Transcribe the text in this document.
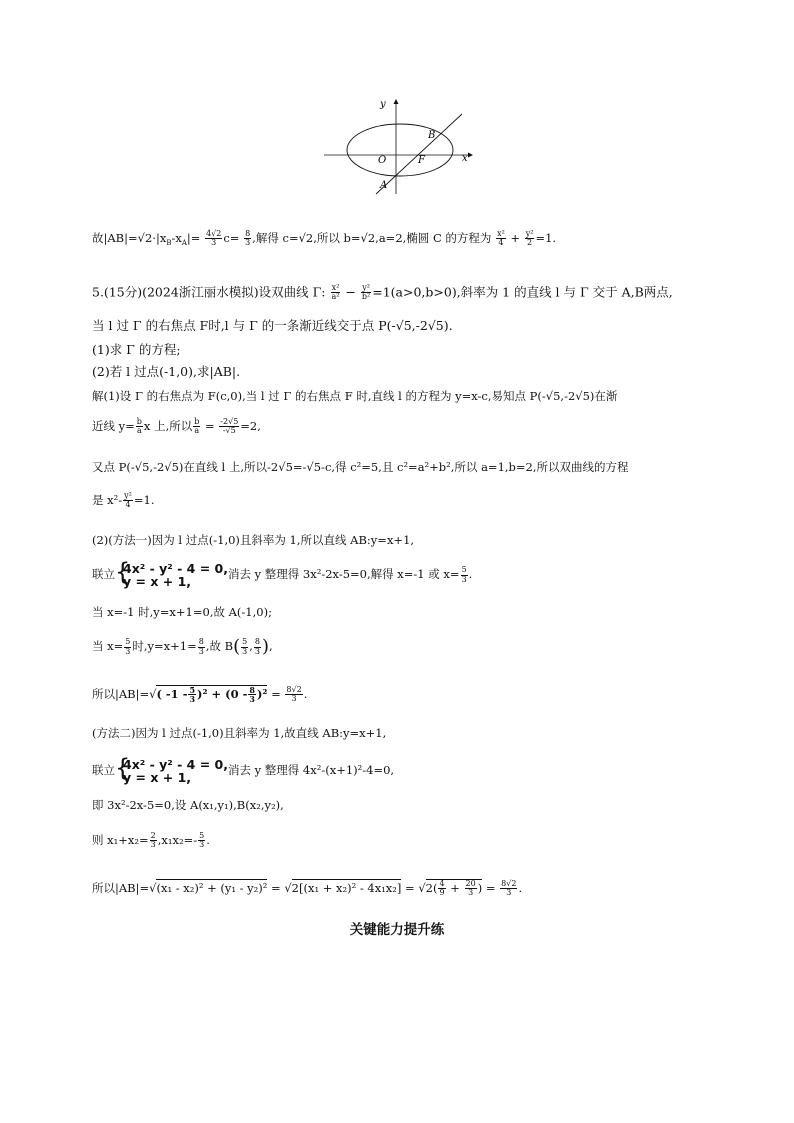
y
x
O	F
A
B
故$|AB|=√2\cdot|x_B-x_A|= \frac{4√2}{3} c= \frac{8}{3}$ ,解得 c=√2,所以 b=√2,a=2,椭圆 C 的方程为 $\frac{\text{x²}}{4} + \frac{\text{y²}}{2} =1$.
5.(15分)(2024浙江丽水模拟)设双曲线 Γ: $\frac{\text{x²}}{\text{a²}} - \frac{\text{y²}}{\text{b²}} =1(a>0,b>0)$,斜率为 1 的直线 l 与 Γ 交于 A,B两点,
当 l 过 Γ 的右焦点 F时,l 与 Γ 的一条渐近线交于点 P(-√5,-2√5).
(1)求 Γ 的方程;
(2)若 l 过点(-1,0),求|AB|.
解(1)设 Γ 的右焦点为 F(c,0),当 l 过 Γ 的右焦点 F 时,直线 l 的方程为 y=x-c,易知点 P(-√5,-2√5)在渐
近线 $y= \frac{b}{a}$ x 上,所以 $\frac{b}{a} = \frac{-2√5}{-√5} =2$,
又点 P(-√5,-2√5)在直线 l 上,所以-2√5=-√5-c,得 c²=5,且 c²=a²+b²,所以 a=1,b=2,所以双曲线的方程
是 $x^2- \frac{\text{y²}}{4} =1$.
(2)(方法一)因为 l 过点(-1,0)且斜率为 1,所以直线 AB:y=x+1,
联立 {
4x² - y² - 4 = 0,
y = x + 1,	消去 y 整理得 3x²-2x-5=0,解得 x=-1 或 $x= \frac{5}{3}$ .
当 x=-1 时,y=x+1=0,故 A(-1,0);
当 $x= \frac{5}{3}$ 时$,y=x+1= \frac{8}{3}$ ,故 $B( \frac{5}{3}$ , $\frac{8}{3}$ ),
所以|AB|=√( $-1 - \frac{5}{3} )^2 + (0 - \frac{8}{3} )^2 = \frac{8√2}{3}$ .
(方法二)因为 l 过点(-1,0)且斜率为 1,故直线 AB:y=x+1,
联立 {
4x² - y² - 4 = 0,
y = x + 1,	消去 y 整理得 4x²-(x+1)²-4=0,
即 3x²-2x-5=0,设 A(x₁,y₁),B(x₂,y₂),
则 $x_1+x_2= \frac{2}{3} ,x_1x_2=- \frac{5}{3}$ .
所以$|AB|=√(x_1 - x_2)^2 + (y_1 - y_2)^2 = √2[(x_1 + x_2)^2 - 4x_1x_2] = √2( \frac{4}{9} + \frac{20}{3}$ ) = $\frac{8√2}{3}$ .
关键能力提升练
